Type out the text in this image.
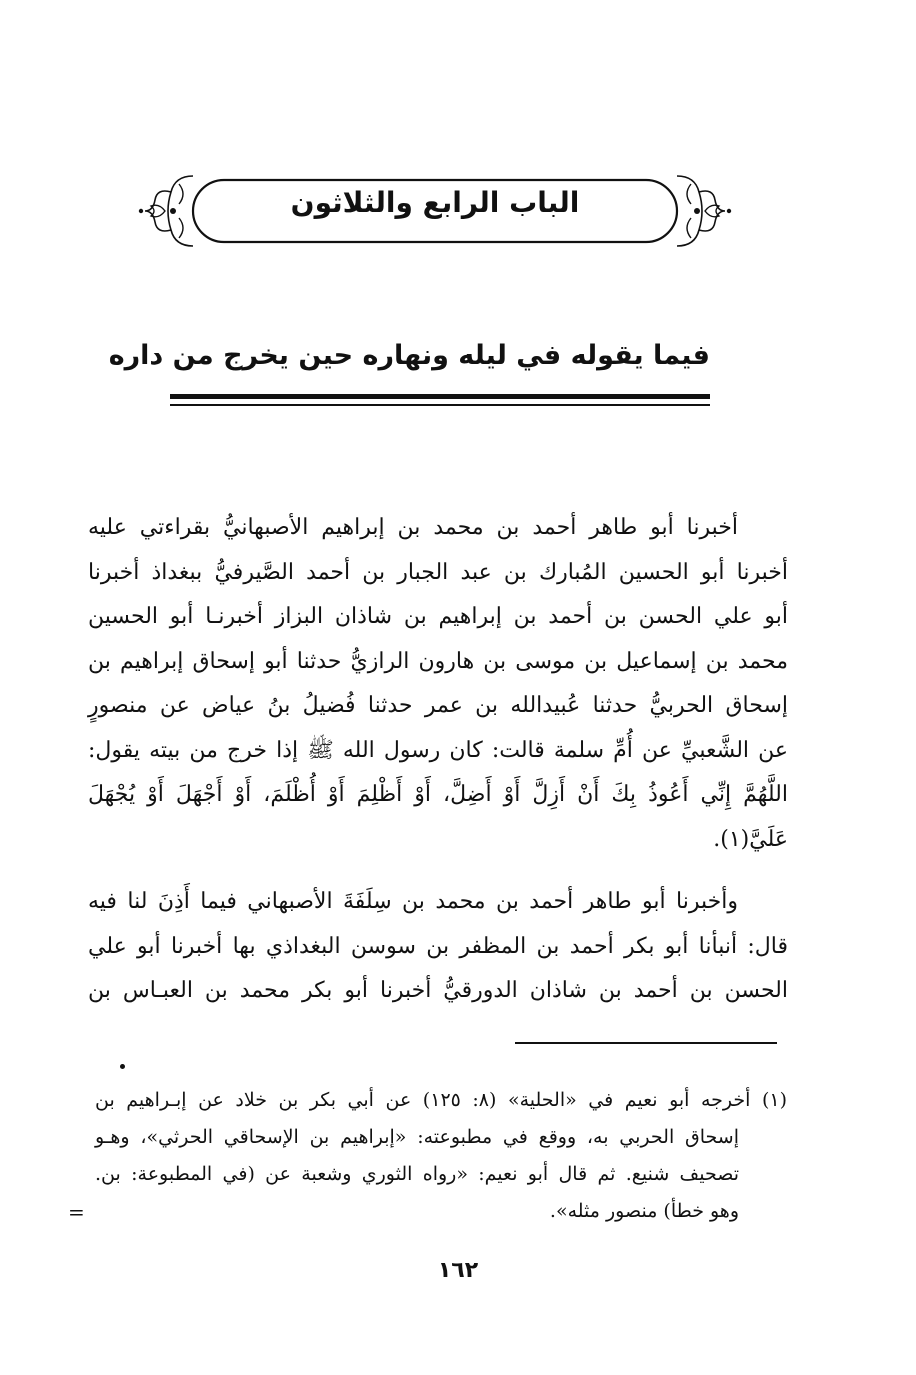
الباب الرابع والثلاثون
فيما يقوله في ليله ونهاره حين يخرج من داره
أخبرنا أبو طاهر أحمد بن محمد بن إبراهيم الأصبهانيُّ بقراءتي عليه
أخبرنا أبو الحسين المُبارك بن عبد الجبار بن أحمد الصَّيرفيُّ ببغداذ أخبرنا
أبو علي الحسن بن أحمد بن إبراهيم بن شاذان البزاز أخبرنـا أبو الحسين
محمد بن إسماعيل بن موسى بن هارون الرازيُّ حدثنا أبو إسحاق إبراهيم بن
إسحاق الحربيُّ حدثنا عُبيدالله بن عمر حدثنا فُضيلُ بنُ عياض عن منصورٍ
عن الشَّعبيِّ عن أُمِّ سلمة قالت: كان رسول الله ﷺ إذا خرج من بيته يقول:
اللَّهُمَّ إِنِّي أَعُوذُ بِكَ أَنْ أَزِلَّ أَوْ أَضِلَّ، أَوْ أَظْلِمَ أَوْ أُظْلَمَ، أَوْ أَجْهَلَ أَوْ يُجْهَلَ
عَلَيَّ(١).
وأخبرنا أبو طاهر أحمد بن محمد بن سِلَفَةَ الأصبهاني فيما أَذِنَ لنا فيه
قال: أنبأنا أبو بكر أحمد بن المظفر بن سوسن البغداذي بها أخبرنا أبو علي
الحسن بن أحمد بن شاذان الدورقيُّ أخبرنا أبو بكر محمد بن العبـاس بن
(١) أخرجه أبو نعيم في «الحلية» (٨: ١٢٥) عن أبي بكر بن خلاد عن إبـراهيم بن
إسحاق الحربي به، ووقع في مطبوعته: «إبراهيم بن الإسحاقي الحرثي»، وهـو
تصحيف شنيع. ثم قال أبو نعيم: «رواه الثوري وشعبة عن (في المطبوعة: بن.
وهو خطأ) منصور مثله».
=
١٦٢
